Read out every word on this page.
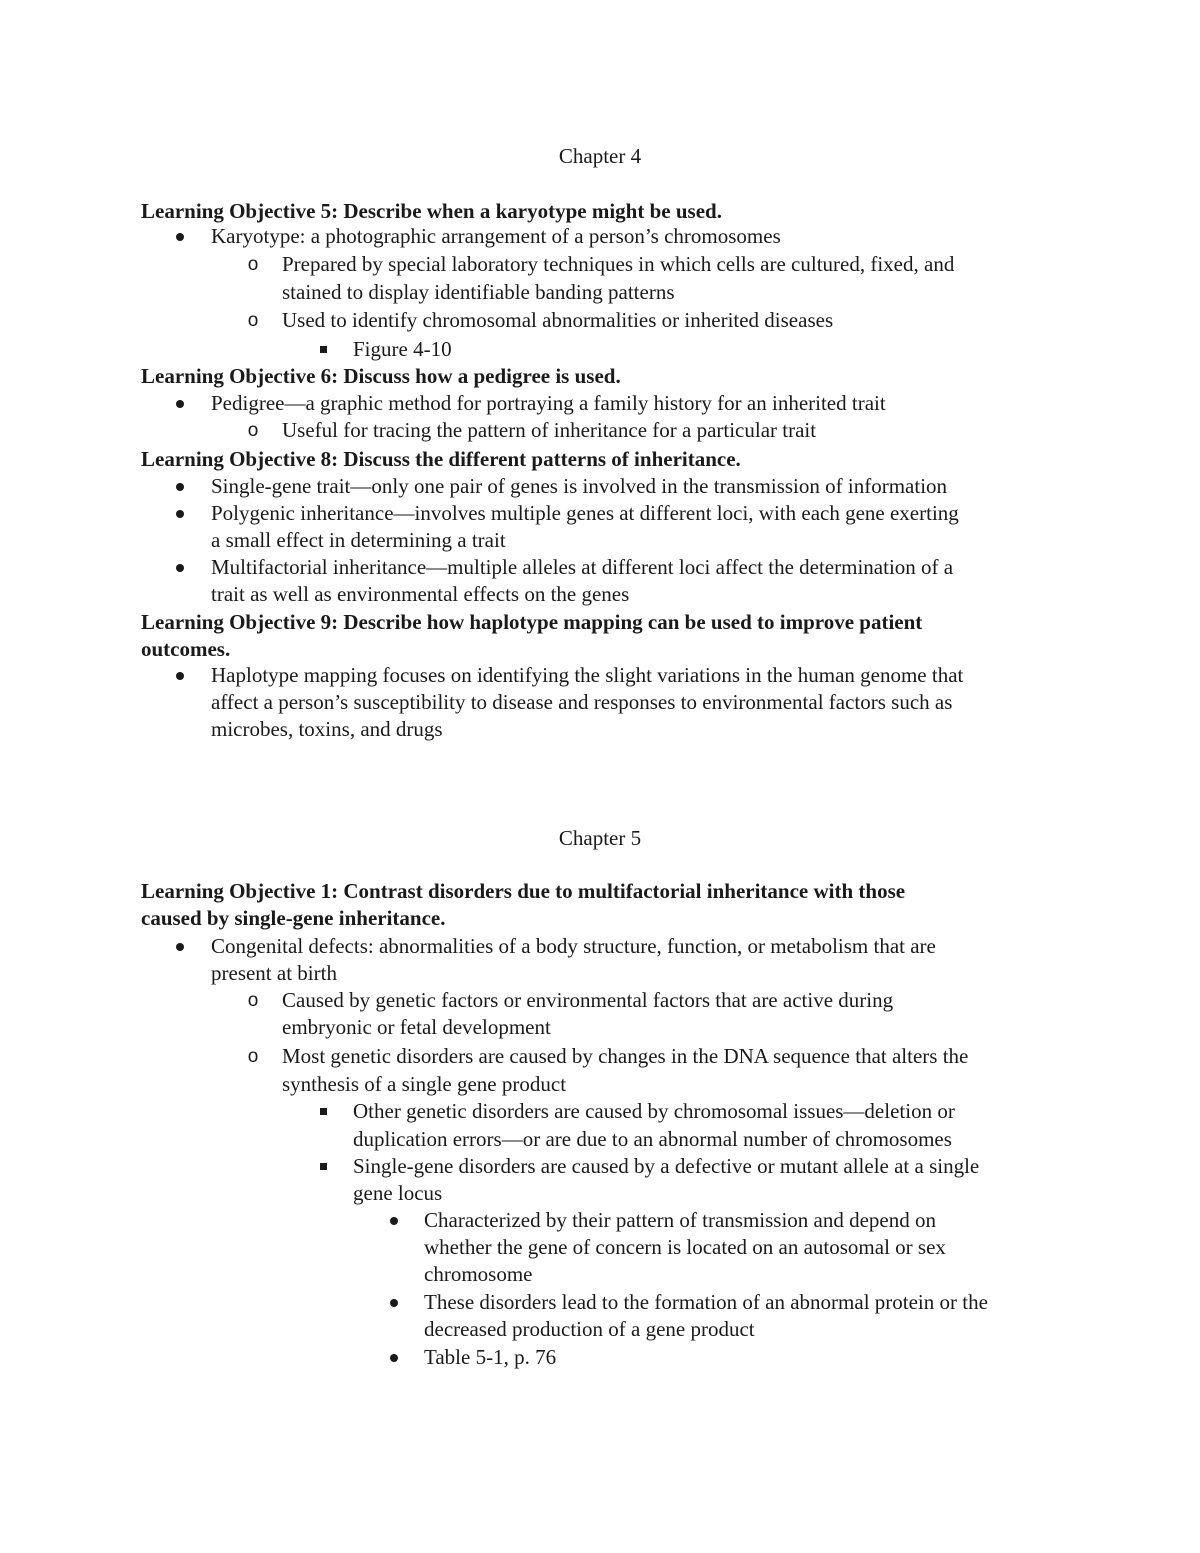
Chapter 4
Learning Objective 5: Describe when a karyotype might be used.
Karyotype: a photographic arrangement of a person’s chromosomes
o Prepared by special laboratory techniques in which cells are cultured, fixed, and
stained to display identifiable banding patterns
o Used to identify chromosomal abnormalities or inherited diseases
Figure 4-10
Learning Objective 6: Discuss how a pedigree is used.
Pedigree—a graphic method for portraying a family history for an inherited trait
o Useful for tracing the pattern of inheritance for a particular trait
Learning Objective 8: Discuss the different patterns of inheritance.
Single-gene trait—only one pair of genes is involved in the transmission of information
Polygenic inheritance—involves multiple genes at different loci, with each gene exerting
a small effect in determining a trait
Multifactorial inheritance—multiple alleles at different loci affect the determination of a
trait as well as environmental effects on the genes
Learning Objective 9: Describe how haplotype mapping can be used to improve patient
outcomes.
Haplotype mapping focuses on identifying the slight variations in the human genome that
affect a person’s susceptibility to disease and responses to environmental factors such as
microbes, toxins, and drugs
Chapter 5
Learning Objective 1: Contrast disorders due to multifactorial inheritance with those
caused by single-gene inheritance.
Congenital defects: abnormalities of a body structure, function, or metabolism that are
present at birth
o Caused by genetic factors or environmental factors that are active during
embryonic or fetal development
o Most genetic disorders are caused by changes in the DNA sequence that alters the
synthesis of a single gene product
Other genetic disorders are caused by chromosomal issues—deletion or
duplication errors—or are due to an abnormal number of chromosomes
Single-gene disorders are caused by a defective or mutant allele at a single
gene locus
Characterized by their pattern of transmission and depend on
whether the gene of concern is located on an autosomal or sex
chromosome
These disorders lead to the formation of an abnormal protein or the
decreased production of a gene product
Table 5-1, p. 76
